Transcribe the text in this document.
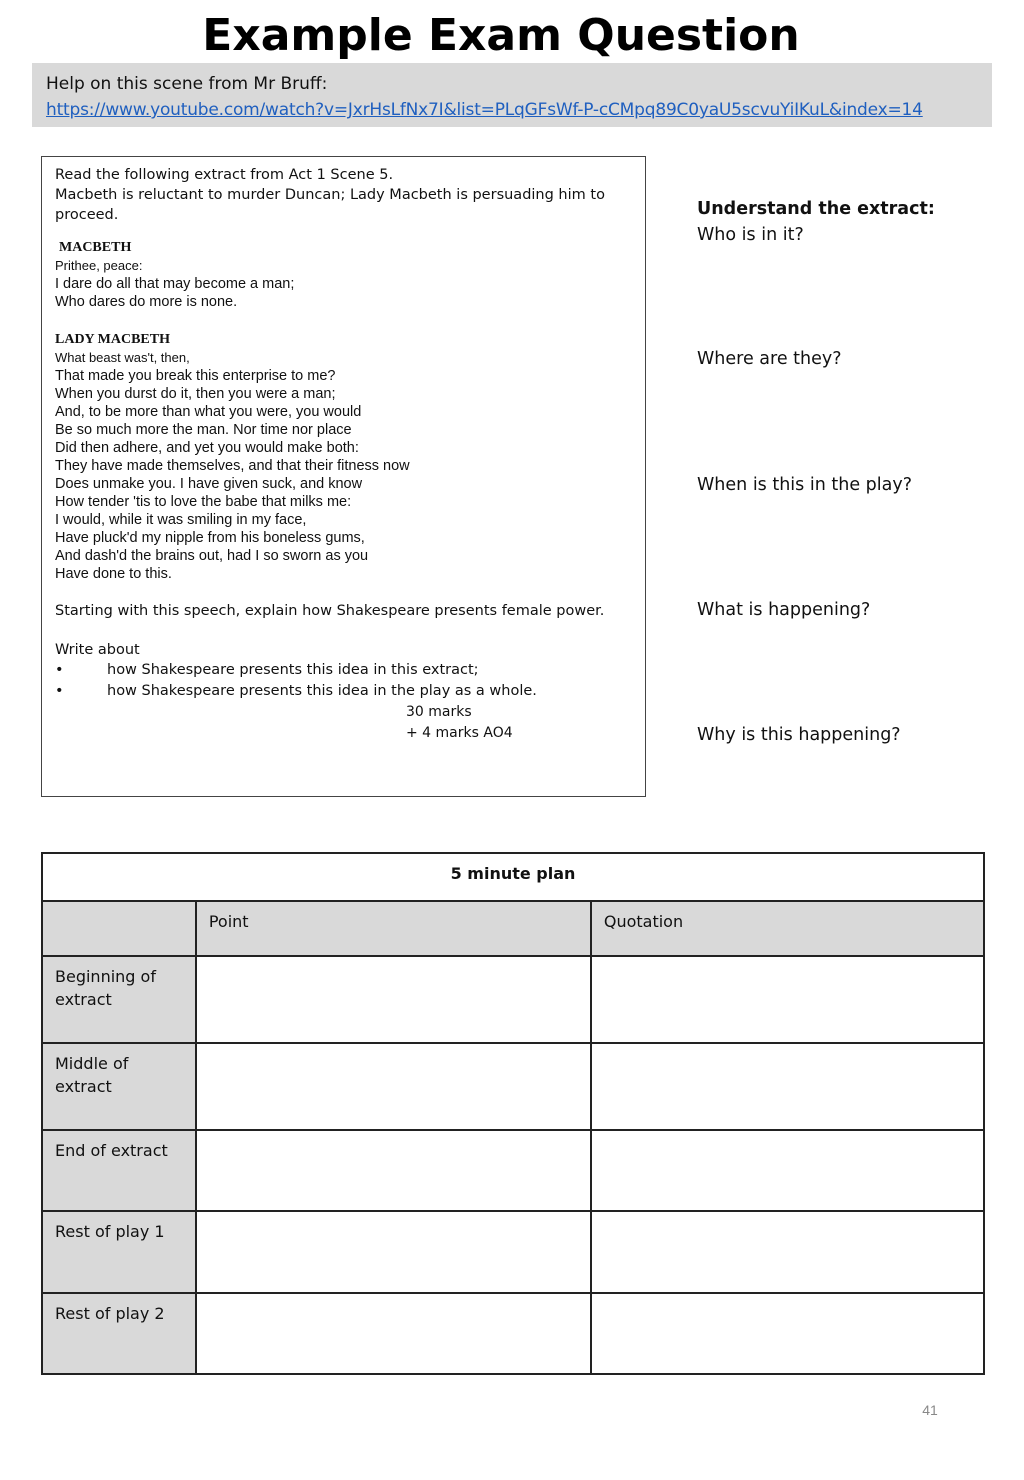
Example Exam Question
Help on this scene from Mr Bruff:
https://www.youtube.com/watch?v=JxrHsLfNx7I&list=PLqGFsWf-P-cCMpq89C0yaU5scvuYiIKuL&index=14
Read the following extract from Act 1 Scene 5.
Macbeth is reluctant to murder Duncan; Lady Macbeth is persuading him to proceed.
MACBETH
Prithee, peace:
I dare do all that may become a man;
Who dares do more is none.
LADY MACBETH
What beast was't, then,
That made you break this enterprise to me?
When you durst do it, then you were a man;
And, to be more than what you were, you would
Be so much more the man. Nor time nor place
Did then adhere, and yet you would make both:
They have made themselves, and that their fitness now
Does unmake you. I have given suck, and know
How tender 'tis to love the babe that milks me:
I would, while it was smiling in my face,
Have pluck'd my nipple from his boneless gums,
And dash'd the brains out, had I so sworn as you
Have done to this.
Starting with this speech, explain how Shakespeare presents female power.
Write about
•	how Shakespeare presents this idea in this extract;
•	how Shakespeare presents this idea in the play as a whole.
30 marks
+ 4 marks AO4
Understand the extract:
Who is in it?
Where are they?
When is this in the play?
What is happening?
Why is this happening?
5 minute plan		
	Point	Quotation
Beginning of extract		
Middle of extract		
End of extract		
Rest of play 1		
Rest of play 2		
41
